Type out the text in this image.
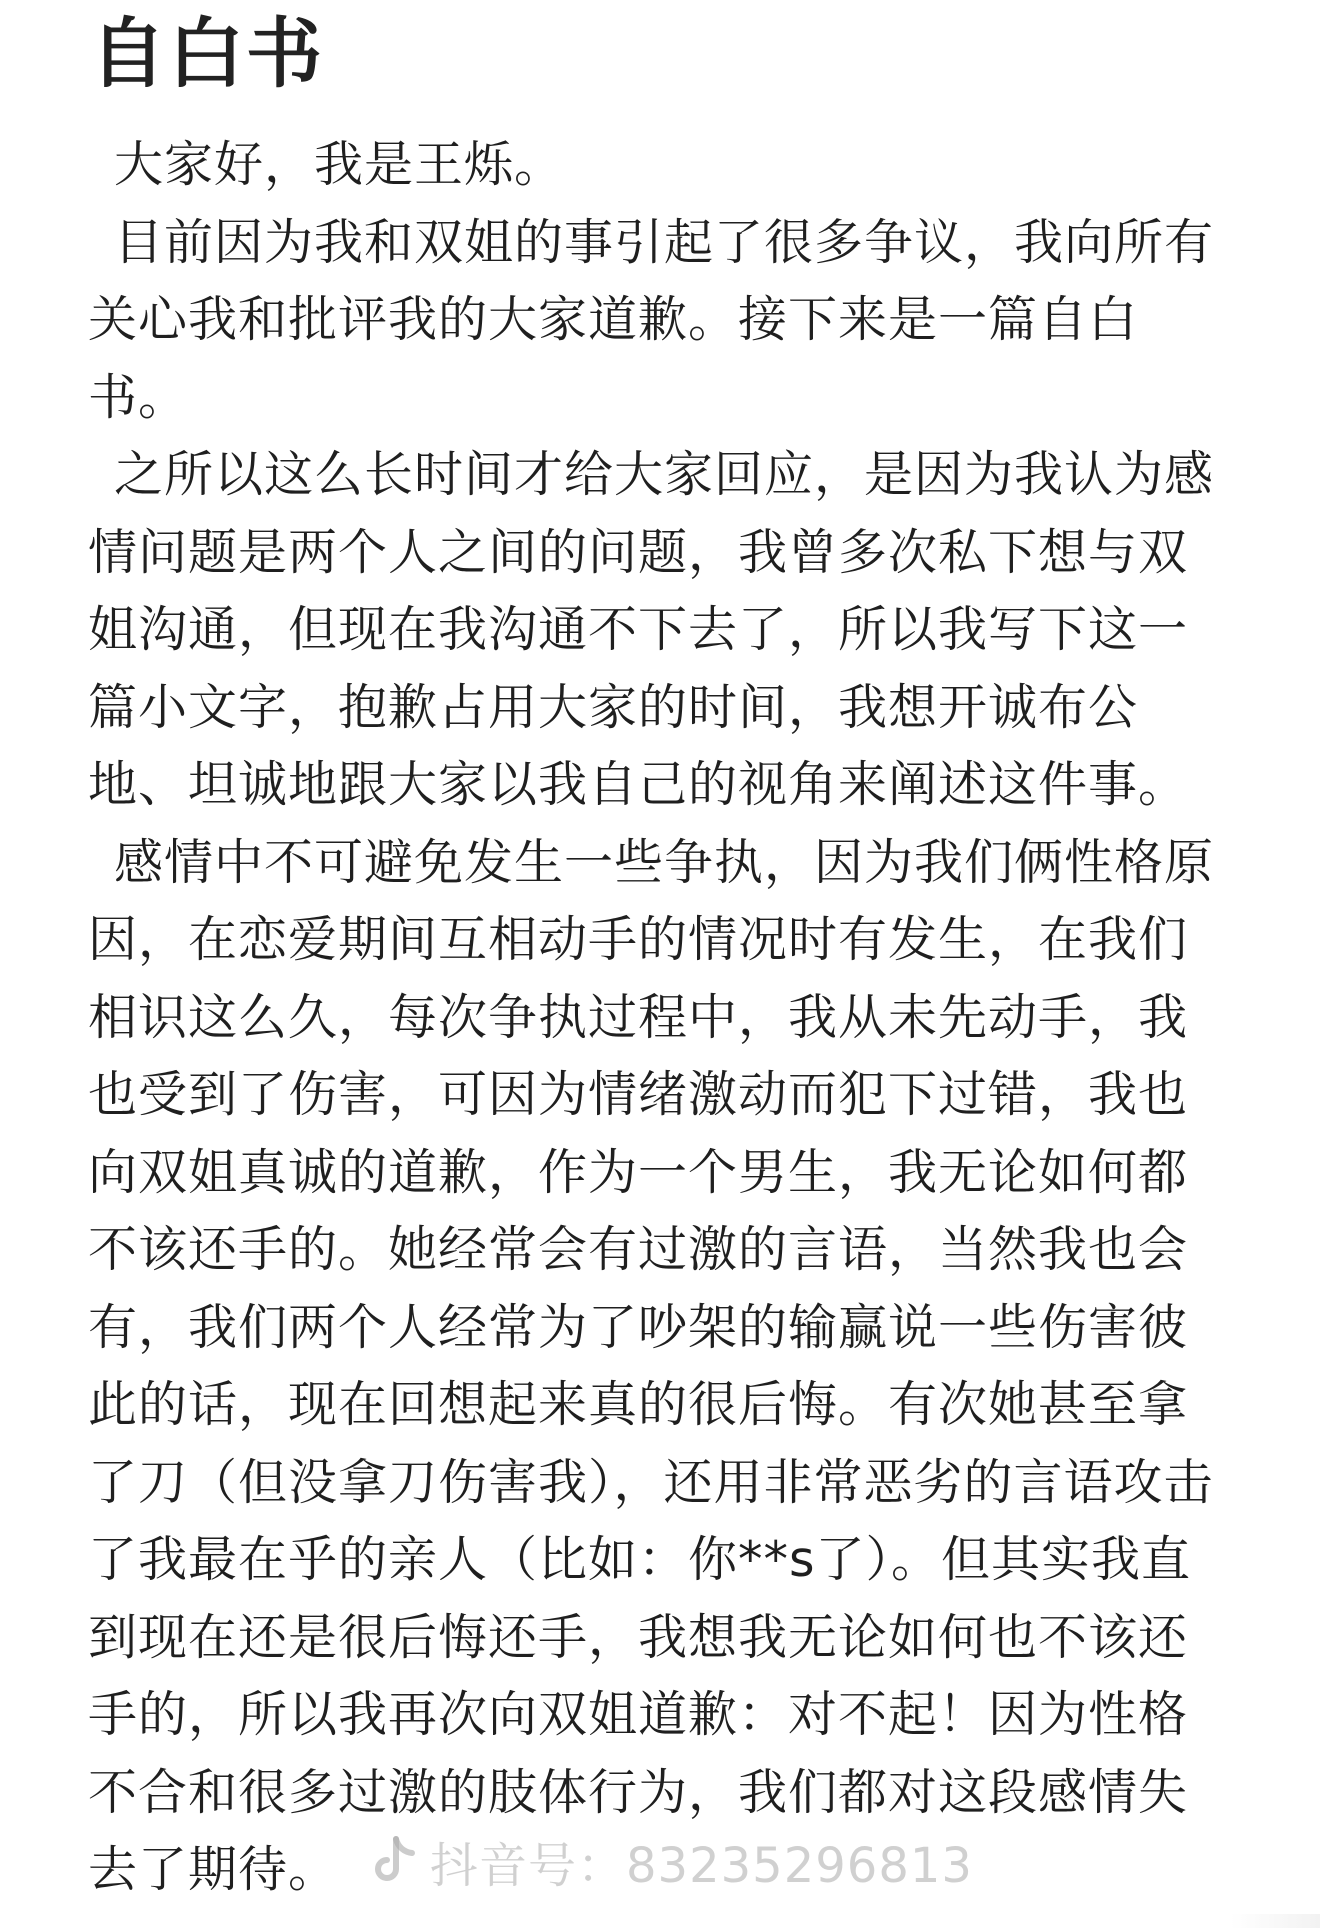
自白书
大家好，我是王烁。
目前因为我和双姐的事引起了很多争议，我向所有
关心我和批评我的大家道歉。接下来是一篇自白
书。
之所以这么长时间才给大家回应，是因为我认为感
情问题是两个人之间的问题，我曾多次私下想与双
姐沟通，但现在我沟通不下去了，所以我写下这一
篇小文字，抱歉占用大家的时间，我想开诚布公
地、坦诚地跟大家以我自己的视角来阐述这件事。
感情中不可避免发生一些争执，因为我们俩性格原
因，在恋爱期间互相动手的情况时有发生，在我们
相识这么久，每次争执过程中，我从未先动手，我
也受到了伤害，可因为情绪激动而犯下过错，我也
向双姐真诚的道歉，作为一个男生，我无论如何都
不该还手的。她经常会有过激的言语，当然我也会
有，我们两个人经常为了吵架的输赢说一些伤害彼
此的话，现在回想起来真的很后悔。有次她甚至拿
了刀（但没拿刀伤害我），还用非常恶劣的言语攻击
了我最在乎的亲人（比如：你**s了）。但其实我直
到现在还是很后悔还手，我想我无论如何也不该还
手的，所以我再次向双姐道歉：对不起！因为性格
不合和很多过激的肢体行为，我们都对这段感情失
去了期待。	抖音号：83235296813
